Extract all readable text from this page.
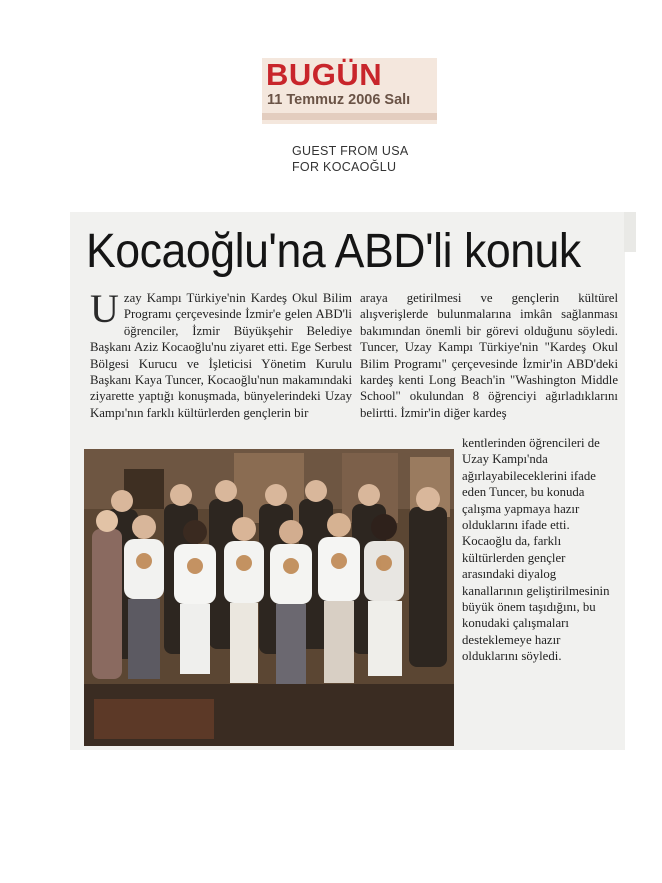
BUGÜN
11 Temmuz 2006 Salı
GUEST FROM USA
FOR KOCAOĞLU
Kocaoğlu'na ABD'li konuk
U zay Kampı Türkiye'nin Kardeş Okul Bilim Programı çerçevesinde İzmir'e gelen ABD'li öğrenciler, İzmir Büyükşehir Belediye Başkanı Aziz Kocaoğlu'nu ziyaret etti. Ege Serbest Bölgesi Kurucu ve İşleticisi Yönetim Kurulu Başkanı Kaya Tuncer, Kocaoğlu'nun makamındaki ziyarette yaptığı konuşmada, bünyelerindeki Uzay Kampı'nın farklı kültürlerden gençlerin bir

araya getirilmesi ve gençlerin kültürel alışverişlerde bulunmalarına imkân sağlanması bakımından önemli bir görevi olduğunu söyledi. Tuncer, Uzay Kampı Türkiye'nin "Kardeş Okul Bilim Programı" çerçevesinde İzmir'in ABD'deki kardeş kenti Long Beach'in "Washington Middle School" okulundan 8 öğrenciyi ağırladıklarını belirtti. İzmir'in diğer kardeş

kentlerinden öğrencileri de Uzay Kampı'nda ağırlayabileceklerini ifade eden Tuncer, bu konuda çalışma yapmaya hazır olduklarını ifade etti. Kocaoğlu da, farklı kültürlerden gençler arasındaki diyalog kanallarının geliştirilmesinin büyük önem taşıdığını, bu konudaki çalışmaları desteklemeye hazır olduklarını söyledi.
